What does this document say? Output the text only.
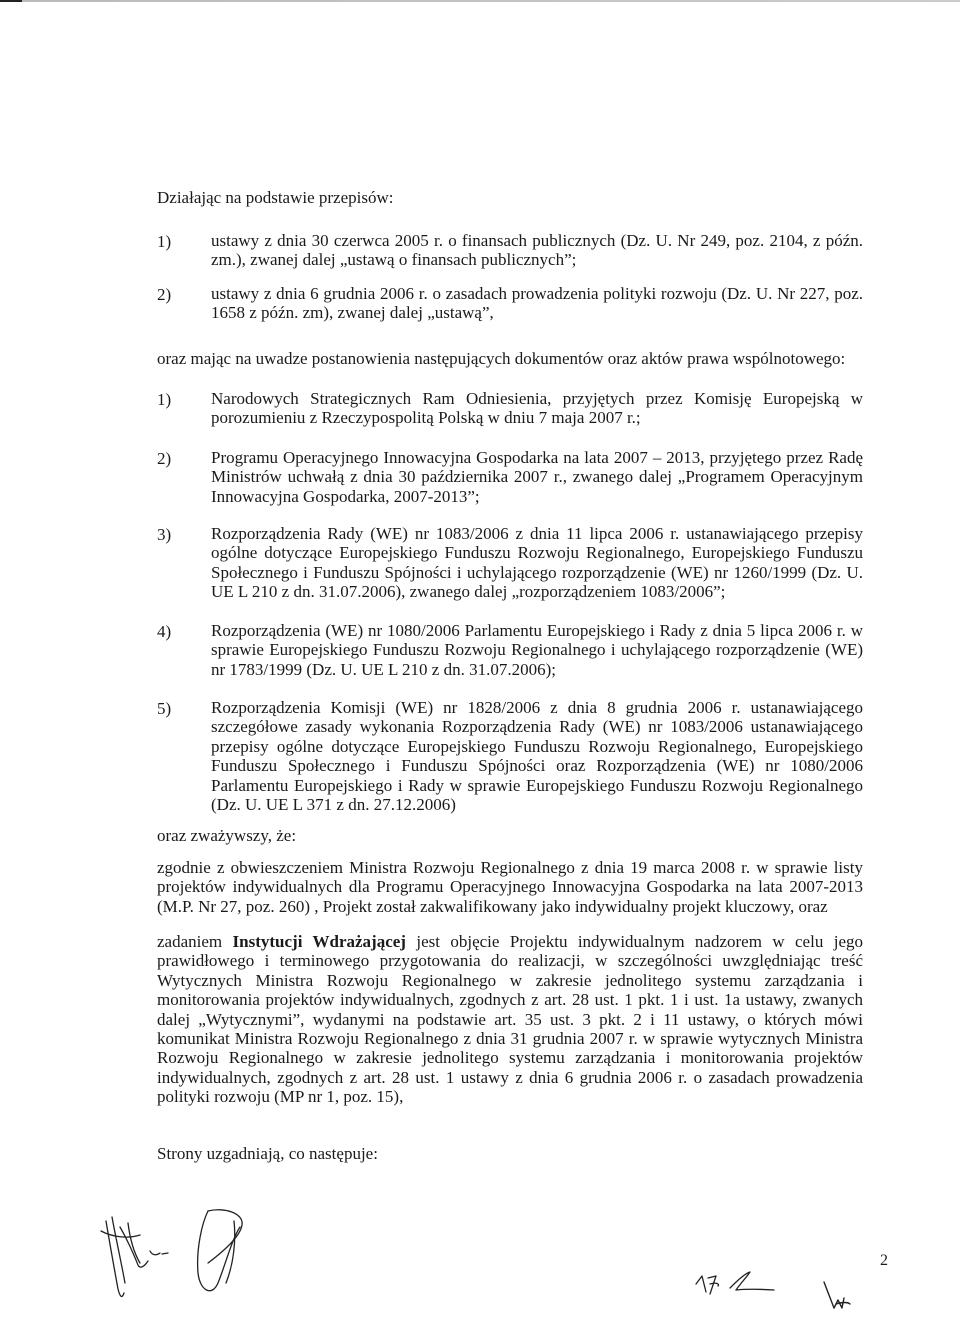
Działając na podstawie przepisów:
1) ustawy z dnia 30 czerwca 2005 r. o finansach publicznych (Dz. U. Nr 249, poz. 2104, z późn. zm.), zwanej dalej „ustawą o finansach publicznych”;
2) ustawy z dnia 6 grudnia 2006 r. o zasadach prowadzenia polityki rozwoju (Dz. U. Nr 227, poz. 1658 z późn. zm), zwanej dalej „ustawą”,
oraz mając na uwadze postanowienia następujących dokumentów oraz aktów prawa wspólnotowego:
1) Narodowych Strategicznych Ram Odniesienia, przyjętych przez Komisję Europejską w porozumieniu z Rzeczypospolitą Polską w dniu 7 maja 2007 r.;
2) Programu Operacyjnego Innowacyjna Gospodarka na lata 2007 – 2013, przyjętego przez Radę Ministrów uchwałą z dnia 30 października 2007 r., zwanego dalej „Programem Operacyjnym Innowacyjna Gospodarka, 2007-2013”;
3) Rozporządzenia Rady (WE) nr 1083/2006 z dnia 11 lipca 2006 r. ustanawiającego przepisy ogólne dotyczące Europejskiego Funduszu Rozwoju Regionalnego, Europejskiego Funduszu Społecznego i Funduszu Spójności i uchylającego rozporządzenie (WE) nr 1260/1999 (Dz. U. UE L 210 z dn. 31.07.2006), zwanego dalej „rozporządzeniem 1083/2006”;
4) Rozporządzenia (WE) nr 1080/2006 Parlamentu Europejskiego i Rady z dnia 5 lipca 2006 r. w sprawie Europejskiego Funduszu Rozwoju Regionalnego i uchylającego rozporządzenie (WE) nr 1783/1999 (Dz. U. UE L 210 z dn. 31.07.2006);
5) Rozporządzenia Komisji (WE) nr 1828/2006 z dnia 8 grudnia 2006 r. ustanawiającego szczegółowe zasady wykonania Rozporządzenia Rady (WE) nr 1083/2006 ustanawiającego przepisy ogólne dotyczące Europejskiego Funduszu Rozwoju Regionalnego, Europejskiego Funduszu Społecznego i Funduszu Spójności oraz Rozporządzenia (WE) nr 1080/2006 Parlamentu Europejskiego i Rady w sprawie Europejskiego Funduszu Rozwoju Regionalnego (Dz. U. UE L 371 z dn. 27.12.2006)
oraz zważywszy, że:
zgodnie z obwieszczeniem Ministra Rozwoju Regionalnego z dnia 19 marca 2008 r. w sprawie listy projektów indywidualnych dla Programu Operacyjnego Innowacyjna Gospodarka na lata 2007-2013 (M.P. Nr 27, poz. 260) , Projekt został zakwalifikowany jako indywidualny projekt kluczowy, oraz
zadaniem Instytucji Wdrażającej jest objęcie Projektu indywidualnym nadzorem w celu jego prawidłowego i terminowego przygotowania do realizacji, w szczególności uwzględniając treść Wytycznych Ministra Rozwoju Regionalnego w zakresie jednolitego systemu zarządzania i monitorowania projektów indywidualnych, zgodnych z art. 28 ust. 1 pkt. 1 i ust. 1a ustawy, zwanych dalej „Wytycznymi”, wydanymi na podstawie art. 35 ust. 3 pkt. 2 i 11 ustawy, o których mówi komunikat Ministra Rozwoju Regionalnego z dnia 31 grudnia 2007 r. w sprawie wytycznych Ministra Rozwoju Regionalnego w zakresie jednolitego systemu zarządzania i monitorowania projektów indywidualnych, zgodnych z art. 28 ust. 1 ustawy z dnia 6 grudnia 2006 r. o zasadach prowadzenia polityki rozwoju (MP nr 1, poz. 15),
Strony uzgadniają, co następuje:
2
